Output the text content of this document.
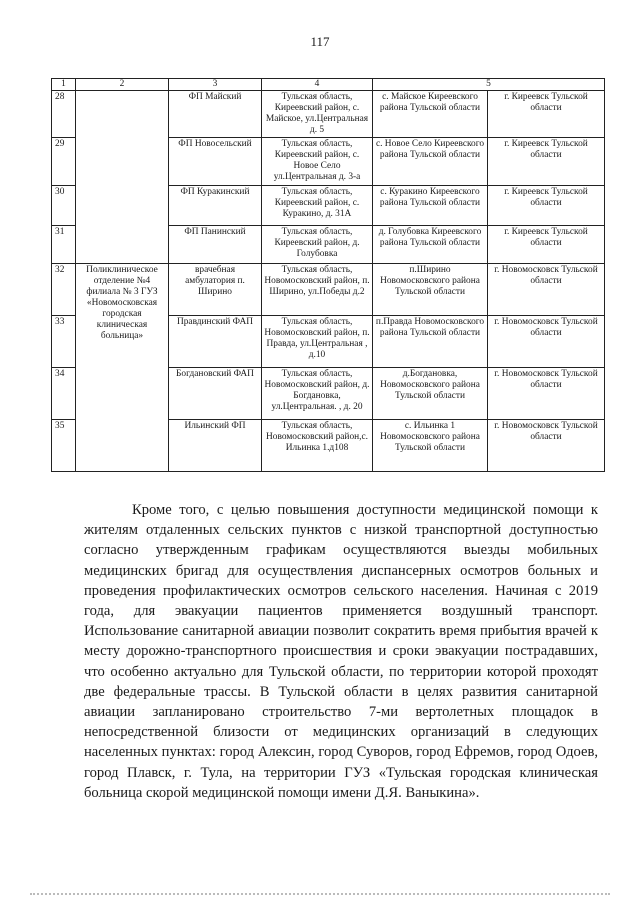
117
1	2	3	4	5	
28		ФП Майский	Тульская область, Киреевский район, с. Майское, ул.Центральная д. 5	с. Майское Киреевского района Тульской области	г. Киреевск Тульской области
29		ФП Новосельский	Тульская область, Киреевский район, с. Новое Село ул.Центральная д. 3-а	с. Новое Село Киреевского района Тульской области	г. Киреевск Тульской области
30		ФП Куракинский	Тульская область, Киреевский район, с. Куракино, д. 31А	с. Куракино Киреевского района Тульской области	г. Киреевск Тульской области
31		ФП Панинский	Тульская область, Киреевский район, д. Голубовка	д. Голубовка Киреевского района Тульской области	г. Киреевск Тульской области
32	Поликлиническое отделение №4 филиала № 3 ГУЗ «Новомосковская городская клиническая больница»	врачебная амбулатория п. Ширино	Тульская область, Новомосковский район, п. Ширино, ул.Победы д.2	п.Ширино Новомосковского района Тульской области	г. Новомосковск Тульской области
33		Правдинский ФАП	Тульская область, Новомосковский район, п. Правда, ул.Центральная , д.10	п.Правда Новомосковского района Тульской области	г. Новомосковск Тульской области
34		Богдановский ФАП	Тульская область, Новомосковский район, д. Богдановка, ул.Центральная. , д. 20	д.Богдановка, Новомосковского района Тульской области	г. Новомосковск Тульской области
35		Ильинский ФП	Тульская область, Новомосковский район,с. Ильинка 1.д108	с. Ильинка 1 Новомосковского района Тульской области	г. Новомосковск Тульской области
Кроме того, с целью повышения доступности медицинской помощи к жителям отдаленных сельских пунктов с низкой транспортной доступностью согласно утвержденным графикам осуществляются выезды мобильных медицинских бригад для осуществления диспансерных осмотров больных и проведения профилактических осмотров сельского населения. Начиная с 2019 года, для эвакуации пациентов применяется воздушный транспорт. Использование санитарной авиации позволит сократить время прибытия врачей к месту дорожно-транспортного происшествия и сроки эвакуации пострадавших, что особенно актуально для Тульской области, по территории которой проходят две федеральные трассы. В Тульской области в целях развития санитарной авиации запланировано строительство 7-ми вертолетных площадок в непосредственной близости от медицинских организаций в следующих населенных пунктах: город Алексин, город Суворов, город Ефремов, город Одоев, город Плавск, г. Тула, на территории ГУЗ «Тульская городская клиническая больница скорой медицинской помощи имени Д.Я. Ваныкина».
